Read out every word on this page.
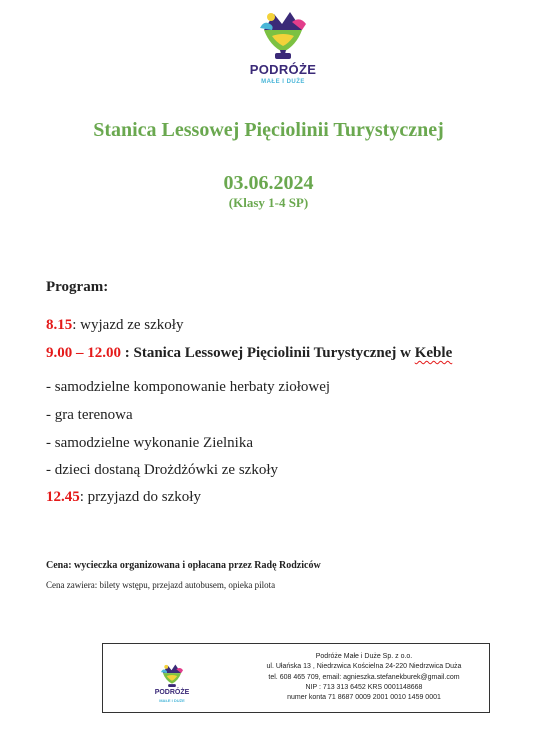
PODRÓŻE
MAŁE I DUŻE
Stanica Lessowej Pięciolinii Turystycznej
03.06.2024
(Klasy 1-4 SP)
Program:
8.15: wyjazd ze szkoły
9.00 – 12.00 : Stanica Lessowej Pięciolinii Turystycznej w Keble
- samodzielne komponowanie herbaty ziołowej
- gra terenowa
- samodzielne wykonanie Zielnika
- dzieci dostaną Drożdżówki ze szkoły
12.45: przyjazd do szkoły
Cena: wycieczka organizowana i opłacana przez Radę Rodziców
Cena zawiera: bilety wstępu, przejazd autobusem, opieka pilota
PODRÓŻE
MAŁE I DUŻE
Podróże Małe i Duże Sp. z o.o.
ul. Ułańska 13 , Niedrzwica Kościelna 24-220 Niedrzwica Duża
tel. 608 465 709, email: agnieszka.stefanekburek@gmail.com
NIP : 713 313 6452 KRS 0001148668
numer konta 71 8687 0009 2001 0010 1459 0001
